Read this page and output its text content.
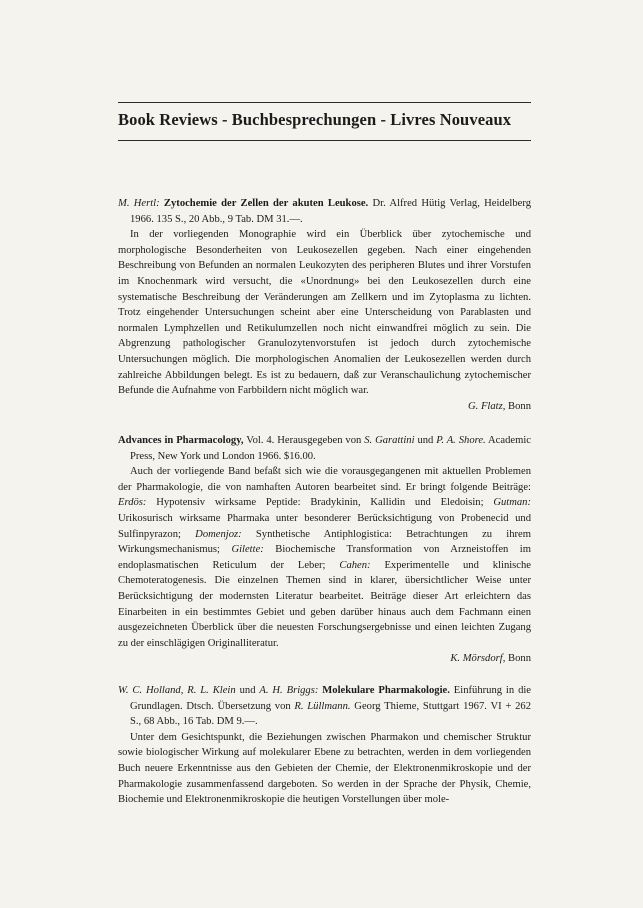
Book Reviews - Buchbesprechungen - Livres Nouveaux

M. Hertl: Zytochemie der Zellen der akuten Leukose. Dr. Alfred Hütig Verlag, Heidelberg 1966. 135 S., 20 Abb., 9 Tab. DM 31.—.

In der vorliegenden Monographie wird ein Überblick über zytochemische und morphologische Besonderheiten von Leukosezellen gegeben. Nach einer eingehenden Beschreibung von Befunden an normalen Leukozyten des peripheren Blutes und ihrer Vorstufen im Knochenmark wird versucht, die «Unordnung» bei den Leukosezellen durch eine systematische Beschreibung der Veränderungen am Zellkern und im Zytoplasma zu lichten. Trotz eingehender Untersuchungen scheint aber eine Unterscheidung von Parablasten und normalen Lymphzellen und Retikulumzellen noch nicht einwandfrei möglich zu sein. Die Abgrenzung pathologischer Granulozytenvorstufen ist jedoch durch zytochemische Untersuchungen möglich. Die morphologischen Anomalien der Leukosezellen werden durch zahlreiche Abbildungen belegt. Es ist zu bedauern, daß zur Veranschaulichung zytochemischer Befunde die Aufnahme von Farbbildern nicht möglich war.

G. Flatz, Bonn

Advances in Pharmacology, Vol. 4. Herausgegeben von S. Garattini und P. A. Shore. Academic Press, New York und London 1966. $16.00.

Auch der vorliegende Band befaßt sich wie die vorausgegangenen mit aktuellen Problemen der Pharmakologie, die von namhaften Autoren bearbeitet sind. Er bringt folgende Beiträge: Erdös: Hypotensiv wirksame Peptide: Bradykinin, Kallidin und Eledoisin; Gutman: Urikosurisch wirksame Pharmaka unter besonderer Berücksichtigung von Probenecid und Sulfinpyrazon; Domenjoz: Synthetische Antiphlogistica: Betrachtungen zu ihrem Wirkungsmechanismus; Gilette: Biochemische Transformation von Arzneistoffen im endoplasmatischen Reticulum der Leber; Cahen: Experimentelle und klinische Chemoteratogenesis. Die einzelnen Themen sind in klarer, übersichtlicher Weise unter Berücksichtigung der modernsten Literatur bearbeitet. Beiträge dieser Art erleichtern das Einarbeiten in ein bestimmtes Gebiet und geben darüber hinaus auch dem Fachmann einen ausgezeichneten Überblick über die neuesten Forschungsergebnisse und einen leichten Zugang zu der einschlägigen Originalliteratur.

K. Mörsdorf, Bonn

W. C. Holland, R. L. Klein und A. H. Briggs: Molekulare Pharmakologie. Einführung in die Grundlagen. Dtsch. Übersetzung von R. Lüllmann. Georg Thieme, Stuttgart 1967. VI + 262 S., 68 Abb., 16 Tab. DM 9.—.

Unter dem Gesichtspunkt, die Beziehungen zwischen Pharmakon und chemischer Struktur sowie biologischer Wirkung auf molekularer Ebene zu betrachten, werden in dem vorliegenden Buch neuere Erkenntnisse aus den Gebieten der Chemie, der Elektronenmikroskopie und der Pharmakologie zusammenfassend dargeboten. So werden in der Sprache der Physik, Chemie, Biochemie und Elektronenmikroskopie die heutigen Vorstellungen über mole-
